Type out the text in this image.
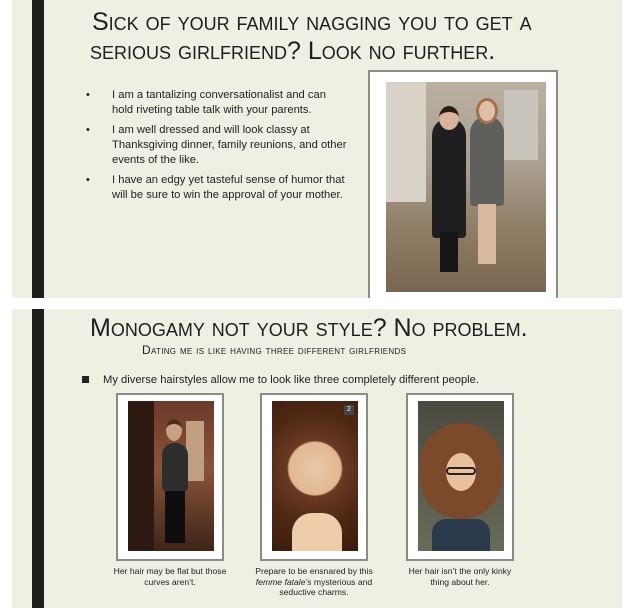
Sick of your family nagging you to get a
serious girlfriend? Look no further.
• I am a tantalizing conversationalist and can hold riveting table talk with your parents.
• I am well dressed and will look classy at Thanksgiving dinner, family reunions, and other events of the like.
• I have an edgy yet tasteful sense of humor that will be sure to win the approval of your mother.
Monogamy not your style? No problem.
Dating me is like having three different girlfriends
My diverse hairstyles allow me to look like three completely different people.
2
Her hair may be flat but those curves aren’t.
Prepare to be ensnared by this femme fatale’s mysterious and seductive charms.
Her hair isn’t the only kinky thing about her.
